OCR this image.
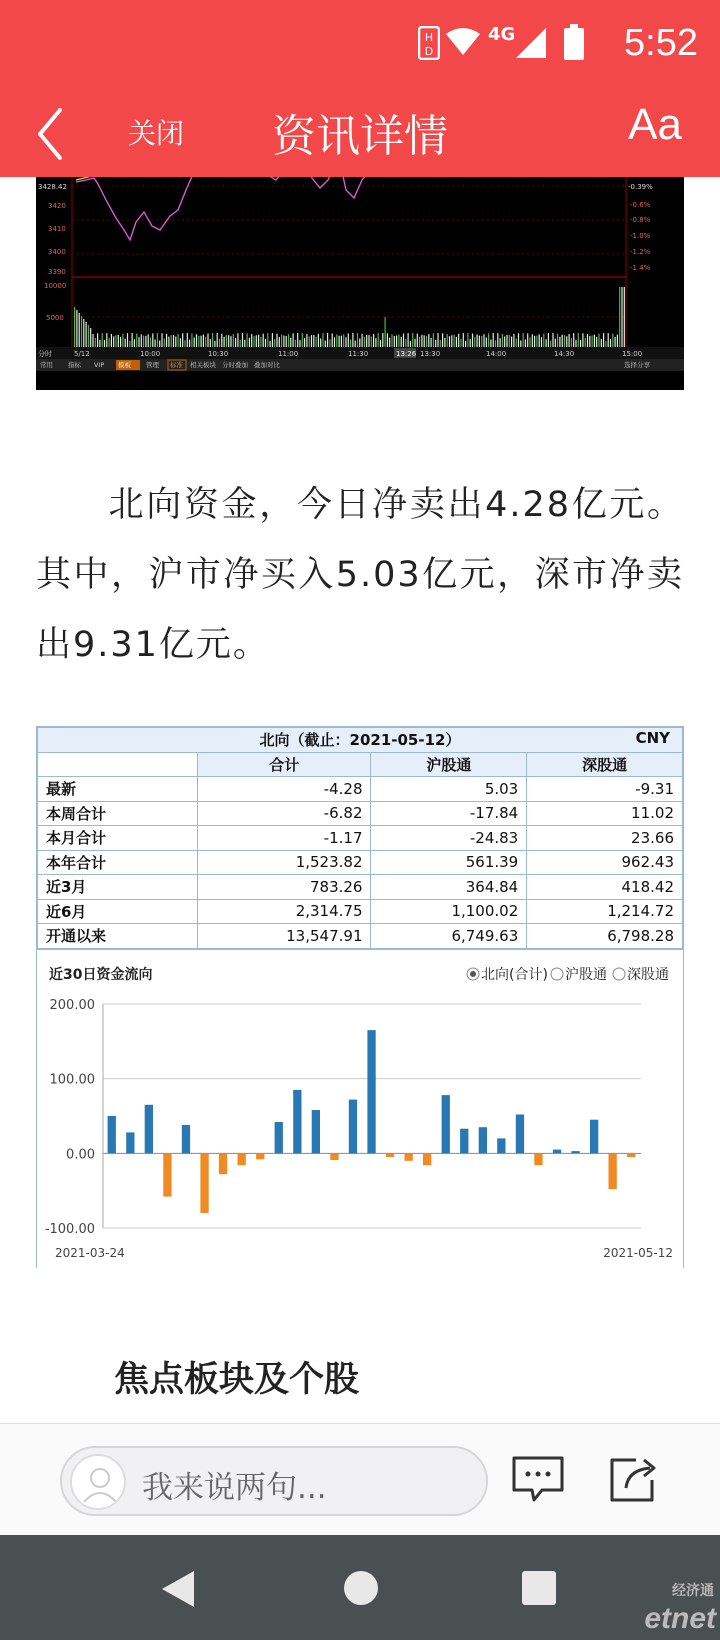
H
D
4G	5:52
关闭	资讯详情	Aa
3428.42
3420
3410
3400
3390
10000
5000
-0.39%
-0.6%
-0.8%
-1.0%
-1.2%
-1.4%
分时	5/12	10:00	10:30	11:00	11:30	13:26 13:30	14:00	14:30	15:00
常用 指标 VIP 模板 管理 标准 相关板块 分时叠加 叠加对比	选择分享

北向资金，今日净卖出4.28亿元。其中，沪市净买入5.03亿元，深市净卖出9.31亿元。

北向（截止：2021-05-12） CNY			

	合计	沪股通	深股通
最新	-4.28	5.03	-9.31
本周合计	-6.82	-17.84	11.02
本月合计	-1.17	-24.83	23.66
本年合计	1,523.82	561.39	962.43
近3月	783.26	364.84	418.42
近6月	2,314.75	1,100.02	1,214.72
开通以来	13,547.91	6,749.63	6,798.28
近30日资金流向	北向(合计) 沪股通 深股通
200.00
100.00
0.00
-100.00
2021-03-24	2021-05-12
焦点板块及个股
我来说两句...
经济通
etnet
